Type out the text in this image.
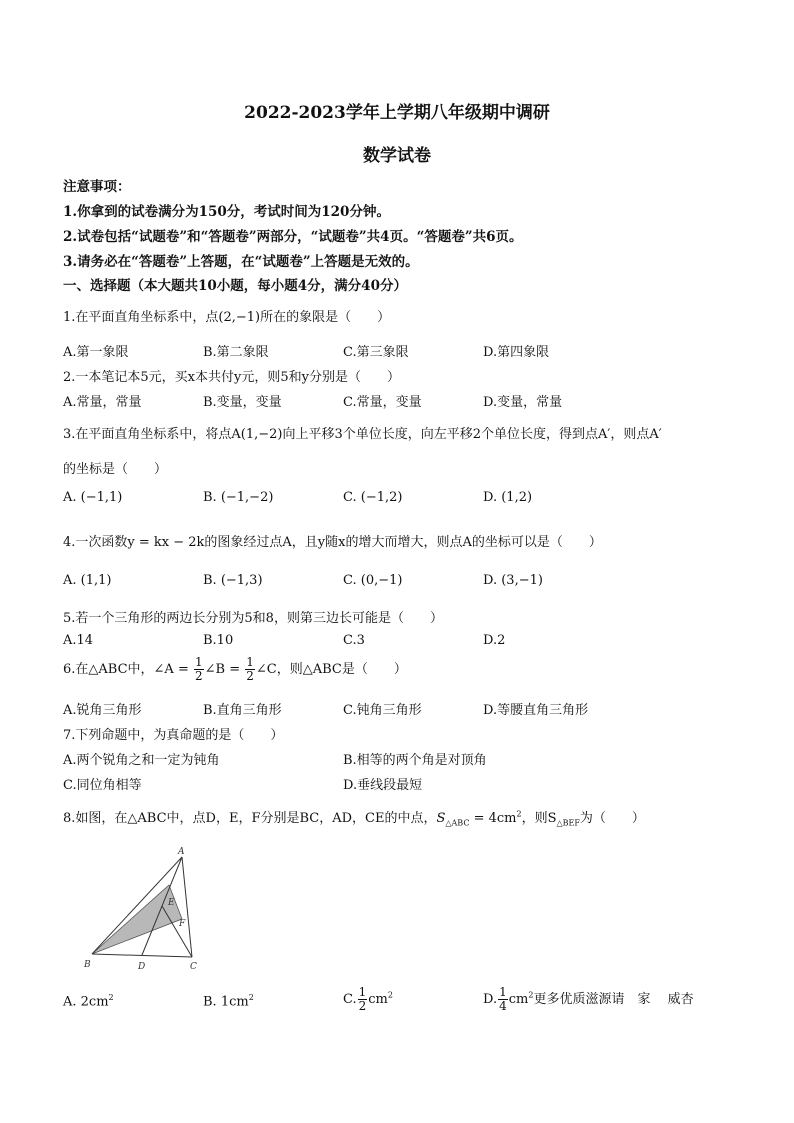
2022-2023学年上学期八年级期中调研
数学试卷
注意事项：
1.你拿到的试卷满分为150分，考试时间为120分钟。
2.试卷包括“试题卷”和“答题卷”两部分，“试题卷”共4页。“答题卷”共6页。
3.请务必在“答题卷”上答题，在“试题卷”上答题是无效的。
一、选择题（本大题共10小题，每小题4分，满分40分）
1.在平面直角坐标系中，点(2,−1)所在的象限是（　　）
A.第一象限	B.第二象限	C.第三象限	D.第四象限
2.一本笔记本5元，买x本共付y元，则5和y分别是（　　）
A.常量，常量	B.变量，变量	C.常量，变量	D.变量，常量
3.在平面直角坐标系中，将点A(1,−2)向上平移3个单位长度，向左平移2个单位长度，得到点A′，则点A′
的坐标是（　　）
A. (−1,1)	B. (−1,−2)	C. (−1,2)	D. (1,2)
4.一次函数y = kx − 2k的图象经过点A，且y随x的增大而增大，则点A的坐标可以是（　　）
A. (1,1)	B. (−1,3)	C. (0,−1)	D. (3,−1)
5.若一个三角形的两边长分别为5和8，则第三边长可能是（　　）
A.14	B.10	C.3	D.2
6.在△ABC中，∠A = $\frac{1}{2}$ ∠B = $\frac{1}{2}$ ∠C，则△ABC是（　　）
A.锐角三角形	B.直角三角形	C.钝角三角形	D.等腰直角三角形
7.下列命题中，为真命题的是（　　）
A.两个锐角之和一定为钝角	B.相等的两个角是对顶角
C.同位角相等	D.垂线段最短
8.如图，在△ABC中，点D，E，F分别是BC，AD，CE的中点，$S_{\triangle ABC} = 4cm^2$，则$S_{\triangle BEF}$为（　　）
A
E
F
B	D	C
A. $2cm^2$	B. $1cm^2$	C. $\frac{1}{2} cm^2$	D. $\frac{1}{4} cm^2$更多优质滋源请　家　 威杏
